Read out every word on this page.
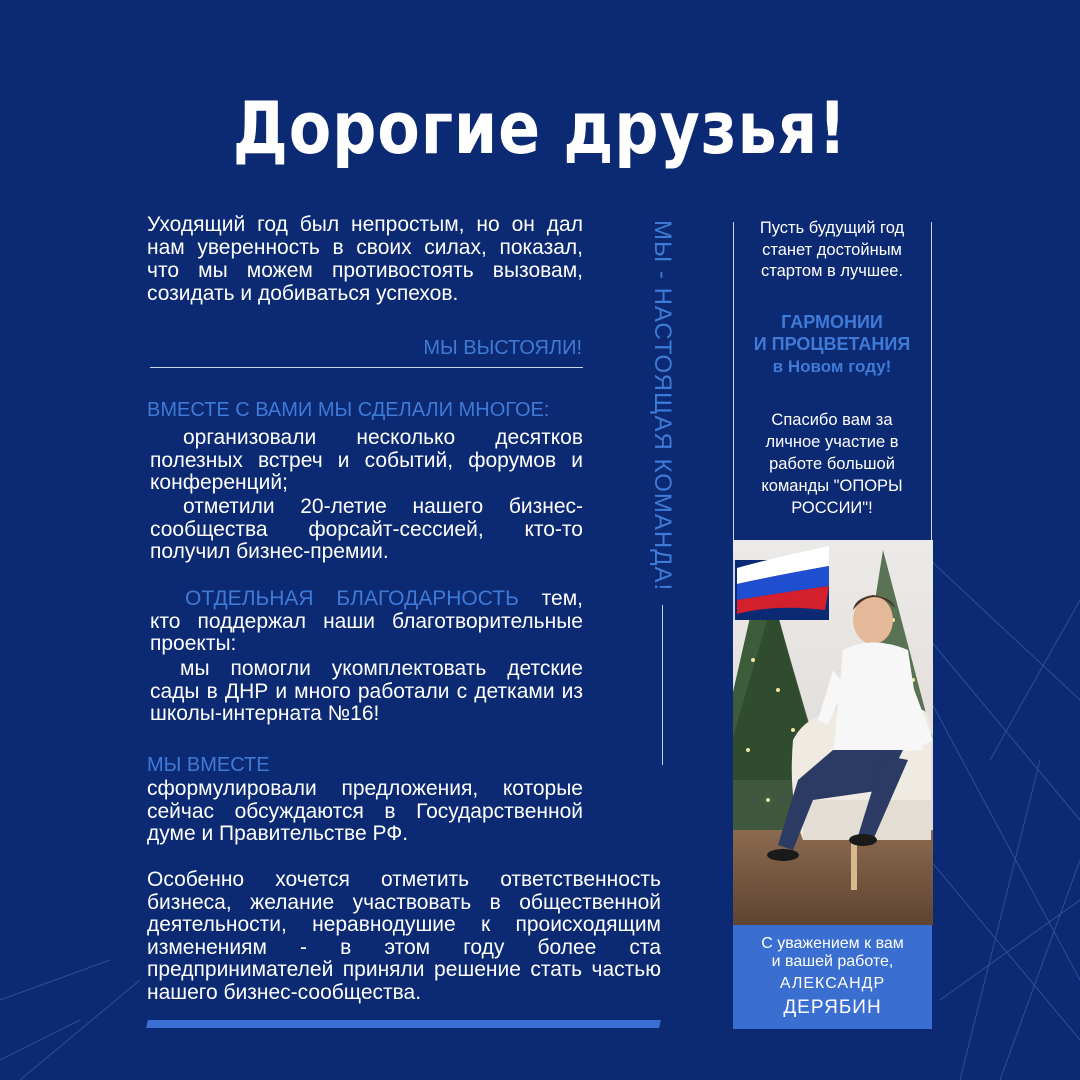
Дорогие друзья!

Уходящий год был непростым, но он дал нам уверенность в своих силах, показал, что мы можем противостоять вызовам, созидать и добиваться успехов.

МЫ ВЫСТОЯЛИ!

ВМЕСТЕ С ВАМИ МЫ СДЕЛАЛИ МНОГОЕ:

организовали несколько десятков полезных встреч и событий, форумов и конференций;

отметили 20-летие нашего бизнес-сообщества форсайт-сессией, кто-то получил бизнес-премии.

ОТДЕЛЬНАЯ БЛАГОДАРНОСТЬ тем, кто поддержал наши благотворительные проекты:

мы помогли укомплектовать детские сады в ДНР и много работали с детками из школы-интерната №16!

МЫ ВМЕСТЕ

сформулировали предложения, которые сейчас обсуждаются в Государственной думе и Правительстве РФ.

Особенно хочется отметить ответственность бизнеса, желание участвовать в общественной деятельности, неравнодушие к происходящим изменениям - в этом году более ста предпринимателей приняли решение стать частью нашего бизнес-сообщества.

МЫ - НАСТОЯЩАЯ КОМАНДА!	Пусть будущий год станет достойным стартом в лучшее.

ГАРМОНИИ

И ПРОЦВЕТАНИЯ

в Новом году!

Спасибо вам за личное участие в работе большой команды "ОПОРЫ РОССИИ"!

С уважением к вам
и вашей работе,

АЛЕКСАНДР
ДЕРЯБИН
